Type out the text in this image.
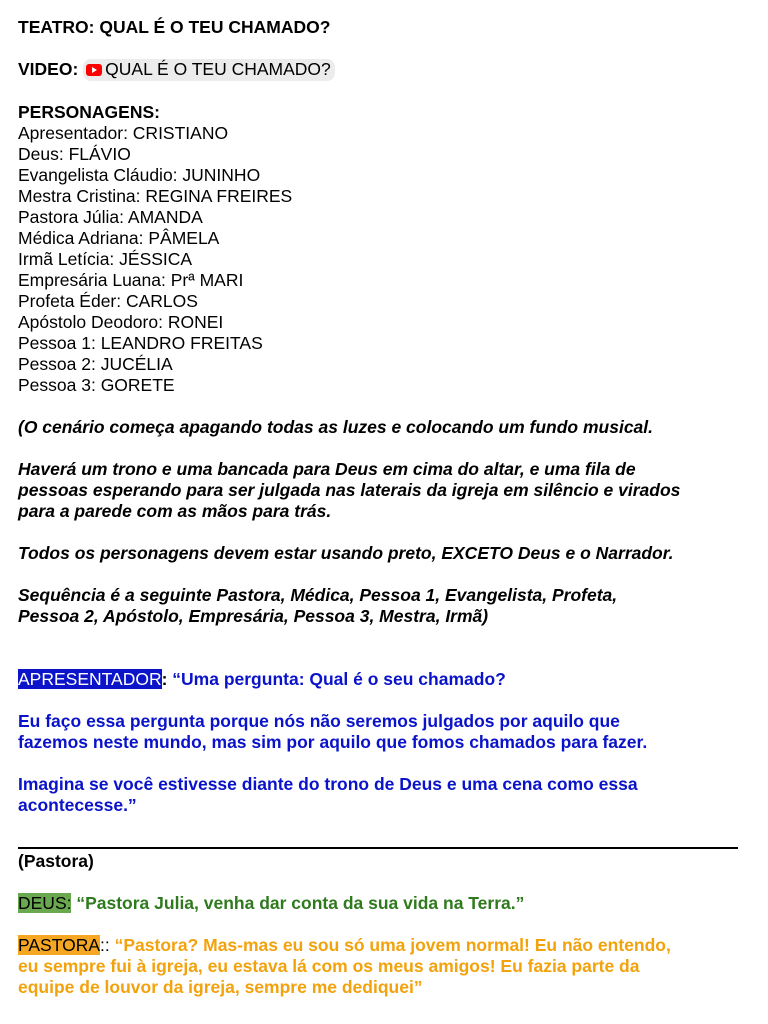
TEATRO: QUAL É O TEU CHAMADO?
VIDEO: QUAL É O TEU CHAMADO?
PERSONAGENS:
Apresentador: CRISTIANO
Deus: FLÁVIO
Evangelista Cláudio: JUNINHO
Mestra Cristina: REGINA FREIRES
Pastora Júlia: AMANDA
Médica Adriana: PÂMELA
Irmã Letícia: JÉSSICA
Empresária Luana: Prª MARI
Profeta Éder: CARLOS
Apóstolo Deodoro: RONEI
Pessoa 1: LEANDRO FREITAS
Pessoa 2: JUCÉLIA
Pessoa 3: GORETE
(O cenário começa apagando todas as luzes e colocando um fundo musical.
Haverá um trono e uma bancada para Deus em cima do altar, e uma fila de
pessoas esperando para ser julgada nas laterais da igreja em silêncio e virados
para a parede com as mãos para trás.
Todos os personagens devem estar usando preto, EXCETO Deus e o Narrador.
Sequência é a seguinte Pastora, Médica, Pessoa 1, Evangelista, Profeta,
Pessoa 2, Apóstolo, Empresária, Pessoa 3, Mestra, Irmã)
APRESENTADOR: “Uma pergunta: Qual é o seu chamado?
Eu faço essa pergunta porque nós não seremos julgados por aquilo que
fazemos neste mundo, mas sim por aquilo que fomos chamados para fazer.
Imagina se você estivesse diante do trono de Deus e uma cena como essa
acontecesse.”
(Pastora)
DEUS: “Pastora Julia, venha dar conta da sua vida na Terra.”
PASTORA:: “Pastora? Mas-mas eu sou só uma jovem normal! Eu não entendo,
eu sempre fui à igreja, eu estava lá com os meus amigos! Eu fazia parte da
equipe de louvor da igreja, sempre me dediquei”
